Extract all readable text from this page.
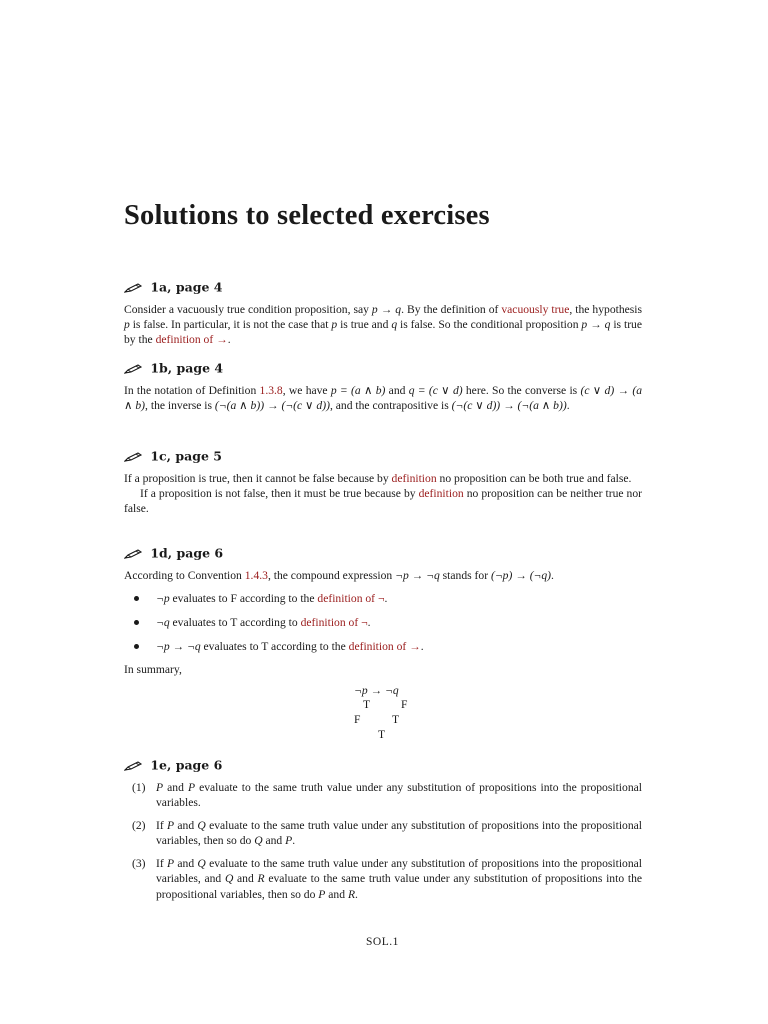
Solutions to selected exercises
1a, page 4

Consider a vacuously true condition proposition, say p → q. By the definition of vacuously true, the hypothesis p is false. In particular, it is not the case that p is true and q is false. So the conditional proposition p → q is true by the definition of →.

1b, page 4

In the notation of Definition 1.3.8, we have p = (a ∧ b) and q = (c ∨ d) here. So the converse is (c ∨ d) → (a ∧ b), the inverse is (¬(a ∧ b)) → (¬(c ∨ d)), and the contrapositive is (¬(c ∨ d)) → (¬(a ∧ b)).

1c, page 5

If a proposition is true, then it cannot be false because by definition no proposition can be both true and false.

If a proposition is not false, then it must be true because by definition no proposition can be neither true nor false.

1d, page 6

According to Convention 1.4.3, the compound expression ¬p → ¬q stands for (¬p) → (¬q).

¬p evaluates to F according to the definition of ¬.
¬q evaluates to T according to definition of ¬.
¬p → ¬q evaluates to T according to the definition of →.

In summary,

¬p → ¬q
T	F
F	T
T
1e, page 6
(1) P and P evaluate to the same truth value under any substitution of propositions into the propositional variables.
(2) If P and Q evaluate to the same truth value under any substitution of propositions into the propositional variables, then so do Q and P.
(3) If P and Q evaluate to the same truth value under any substitution of propositions into the propositional variables, and Q and R evaluate to the same truth value under any substitution of propositions into the propositional variables, then so do P and R.
SOL.1
